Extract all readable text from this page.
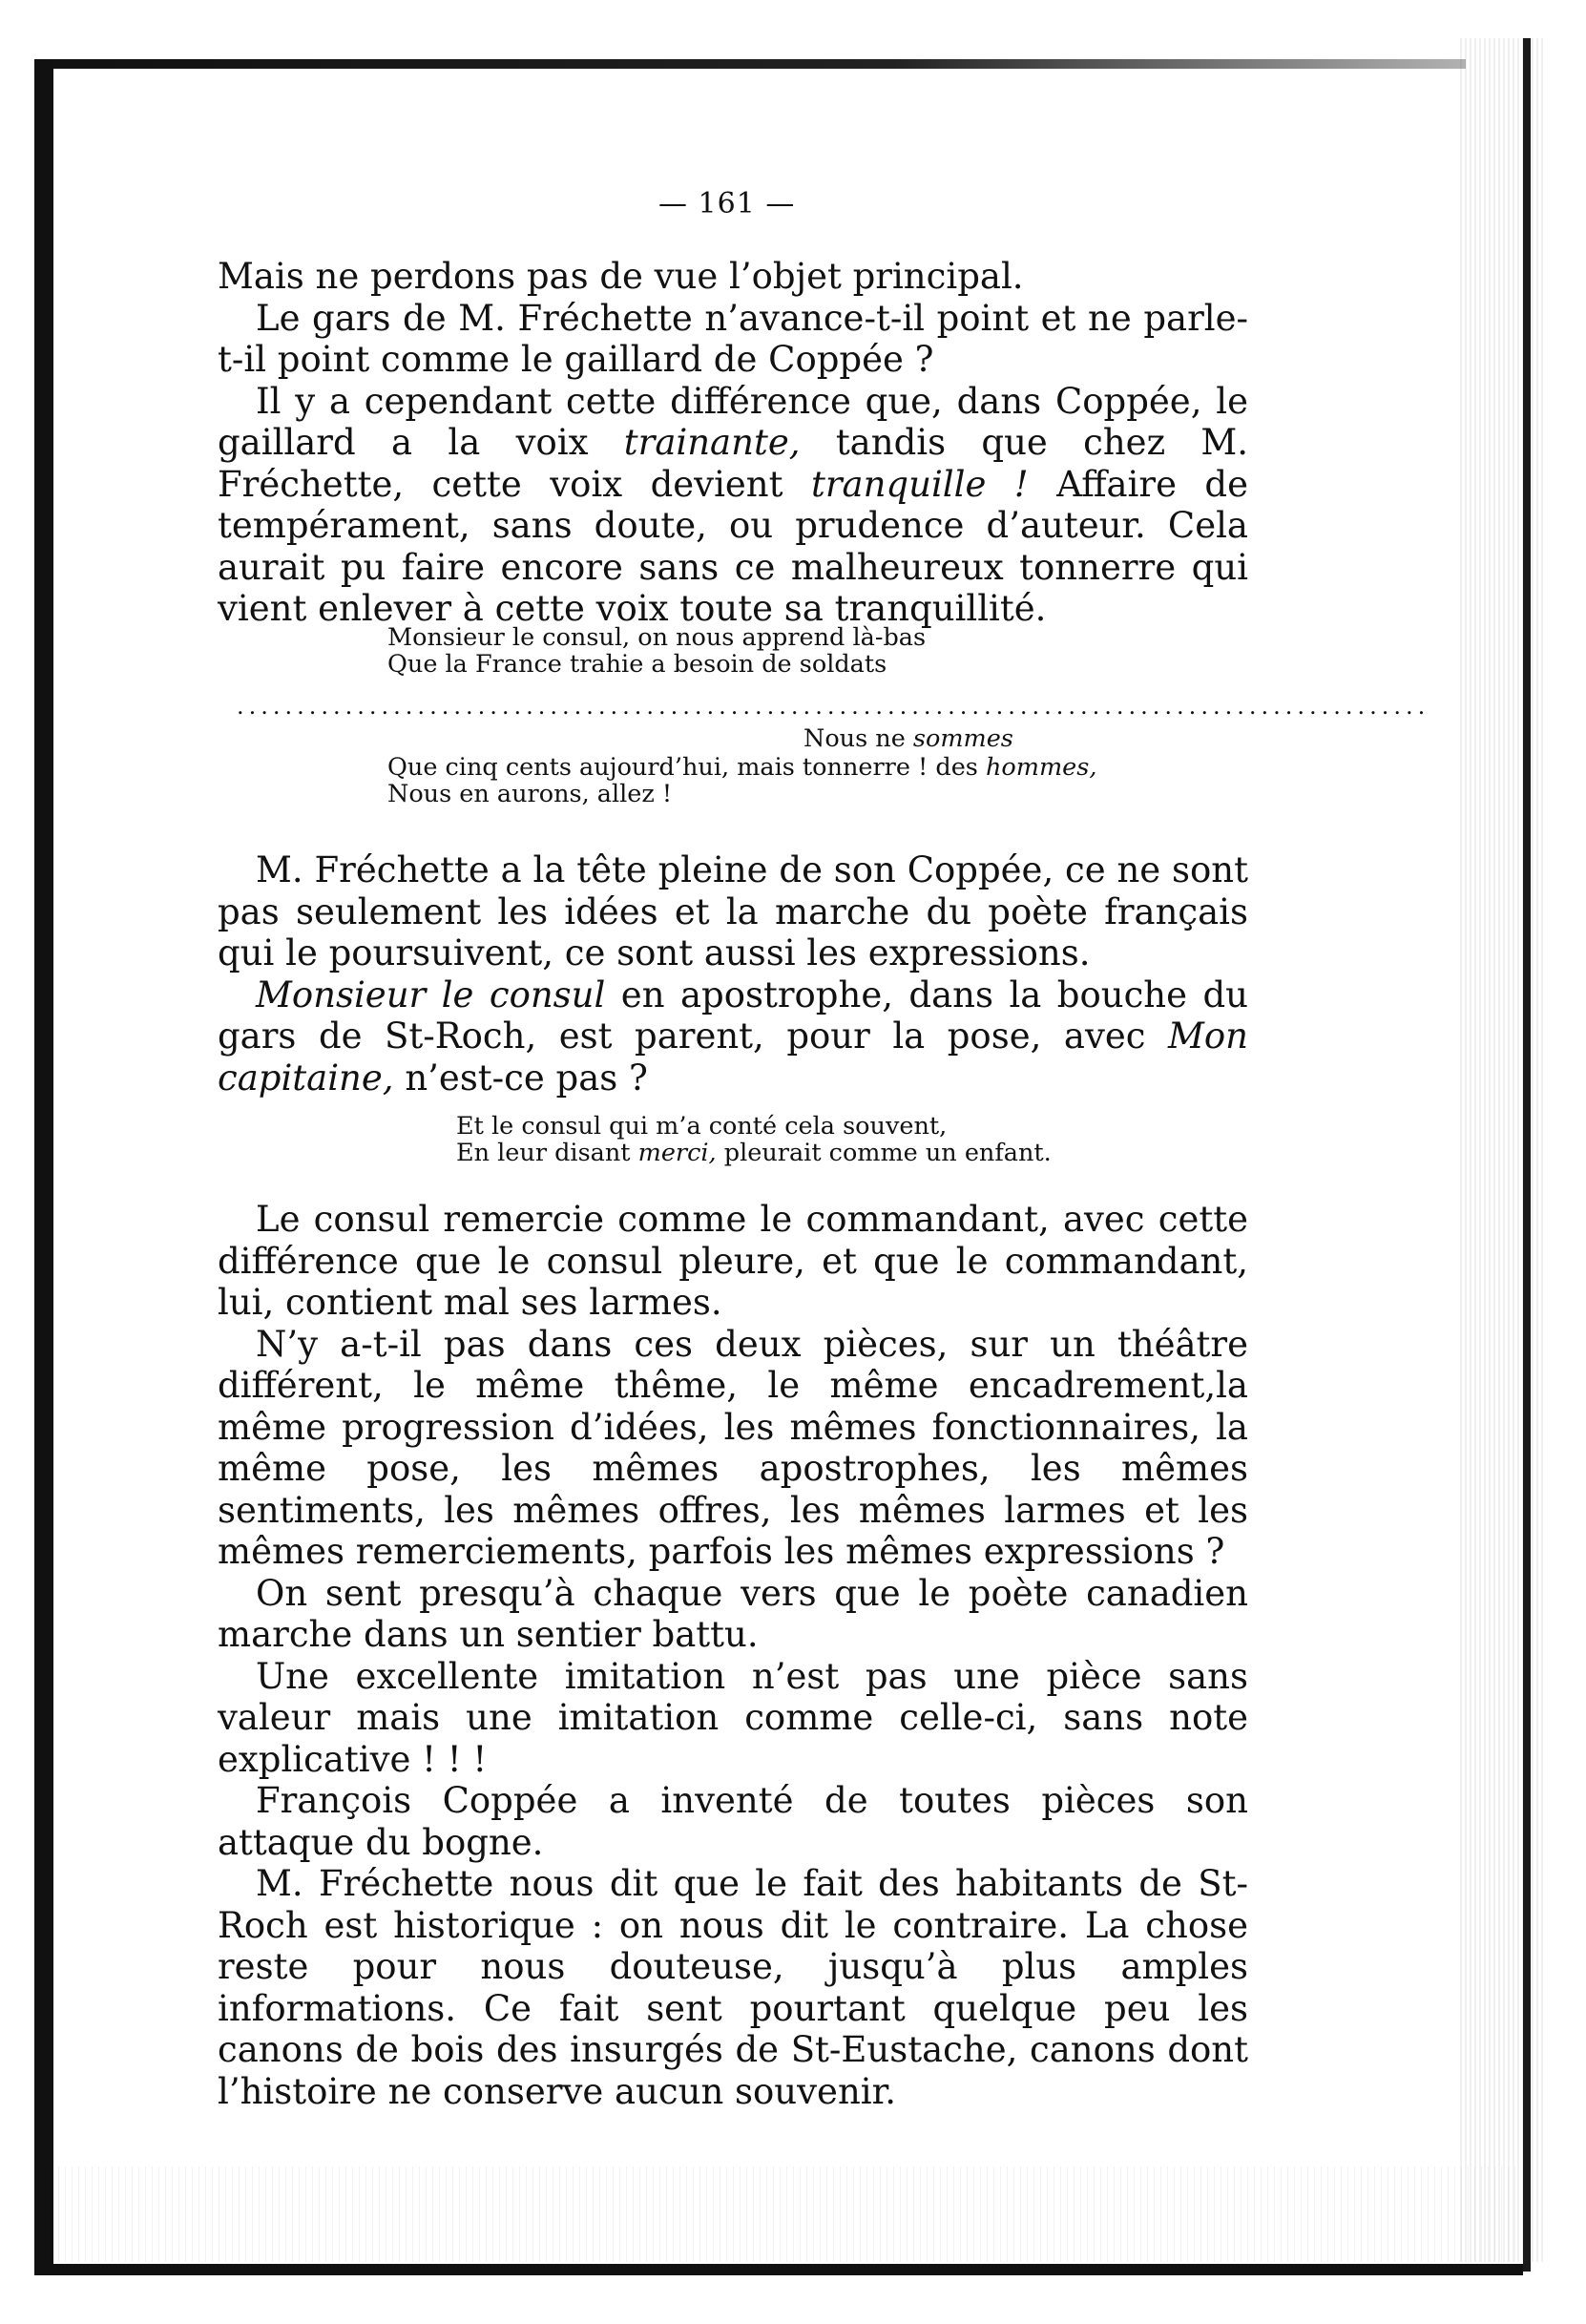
— 161 —

Mais ne perdons pas de vue l’objet principal.
Le gars de M. Fréchette n’avance-t-il point et ne parle-t-il point comme le gaillard de Coppée ?
Il y a cependant cette différence que, dans Coppée, le gaillard a la voix trainante, tandis que chez M. Fréchette, cette voix devient tranquille ! Affaire de tempérament, sans doute, ou prudence d’auteur. Cela aurait pu faire encore sans ce malheureux tonnerre qui vient enlever à cette voix toute sa tranquillité.

Monsieur le consul, on nous apprend là-bas
Que la France trahie a besoin de soldats
...................................................................................................
Nous ne sommes
Que cinq cents aujourd’hui, mais tonnerre ! des hommes,
Nous en aurons, allez !

M. Fréchette a la tête pleine de son Coppée, ce ne sont pas seulement les idées et la marche du poète français qui le poursuivent, ce sont aussi les expressions.
Monsieur le consul en apostrophe, dans la bouche du gars de St-Roch, est parent, pour la pose, avec Mon capitaine, n’est-ce pas ?

Et le consul qui m’a conté cela souvent,
En leur disant merci, pleurait comme un enfant.

Le consul remercie comme le commandant, avec cette différence que le consul pleure, et que le commandant, lui, contient mal ses larmes.
N’y a-t-il pas dans ces deux pièces, sur un théâtre différent, le même thême, le même encadrement,la même progression d’idées, les mêmes fonctionnaires, la même pose, les mêmes apostrophes, les mêmes sentiments, les mêmes offres, les mêmes larmes et les mêmes remerciements, parfois les mêmes expressions ?
On sent presqu’à chaque vers que le poète canadien marche dans un sentier battu.
Une excellente imitation n’est pas une pièce sans valeur mais une imitation comme celle-ci, sans note explicative ! ! !
François Coppée a inventé de toutes pièces son attaque du bogne.
M. Fréchette nous dit que le fait des habitants de St-Roch est historique : on nous dit le contraire. La chose reste pour nous douteuse, jusqu’à plus amples informations. Ce fait sent pourtant quelque peu les canons de bois des insurgés de St-Eustache, canons dont l’histoire ne conserve aucun souvenir.
